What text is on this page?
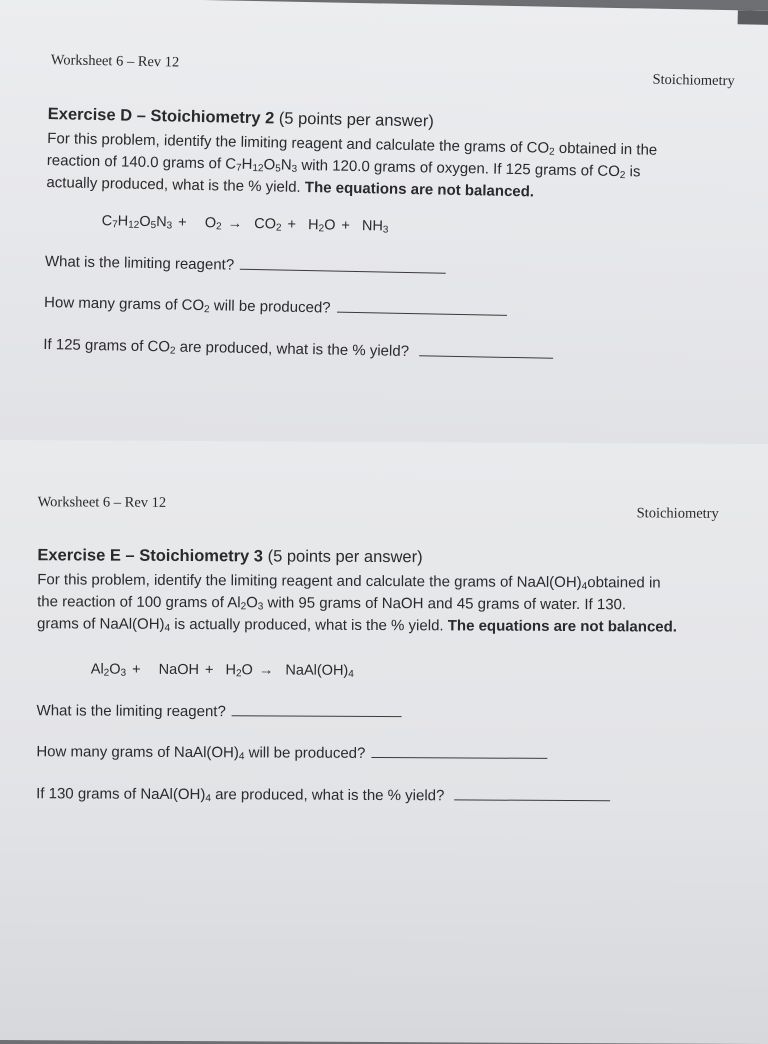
Worksheet 6 – Rev 12
Stoichiometry
Exercise D – Stoichiometry 2 (5 points per answer)

For this problem, identify the limiting reagent and calculate the grams of $CO_2$ obtained in the
reaction of 140.0 grams of $C_7H_{12}O_5N_3$ with 120.0 grams of oxygen. If 125 grams of $CO_2$ is
actually produced, what is the % yield. The equations are not balanced.

$C_7H_{12}O_5N_3 + O_2 \to CO_2 + H_2O + NH_3$
What is the limiting reagent?
How many grams of $CO_2$ will be produced?
If 125 grams of $CO_2$ are produced, what is the % yield?
Worksheet 6 – Rev 12
Stoichiometry
Exercise E – Stoichiometry 3 (5 points per answer)

For this problem, identify the limiting reagent and calculate the grams of $NaAl(OH)_4obtained$ in
the reaction of 100 grams of $Al_2O_3$ with 95 grams of NaOH and 45 grams of water. If 130.
grams of $NaAl(OH)_4$ is actually produced, what is the % yield. The equations are not balanced.

$Al_2O_3$ +   NaOH +  $H_2O$ →  $NaAl(OH)_4$
What is the limiting reagent?
How many grams of $NaAl(OH)_4$ will be produced?
If 130 grams of $NaAl(OH)_4$ are produced, what is the % yield?
